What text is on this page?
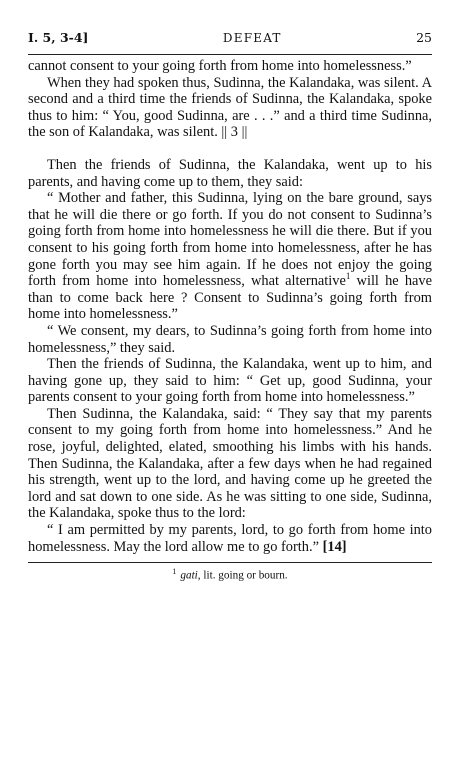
I. 5, 3-4]	DEFEAT	25

cannot consent to your going forth from home into homelessness.”

When they had spoken thus, Sudinna, the Kalandaka, was silent. A second and a third time the friends of Sudinna, the Kalandaka, spoke thus to him: “ You, good Sudinna, are . . .” and a third time Sudinna, the son of Kalandaka, was silent. || 3 ||

Then the friends of Sudinna, the Kalandaka, went up to his parents, and having come up to them, they said:

“ Mother and father, this Sudinna, lying on the bare ground, says that he will die there or go forth. If you do not consent to Sudinna’s going forth from home into homelessness he will die there. But if you consent to his going forth from home into homelessness, after he has gone forth you may see him again. If he does not enjoy the going forth from home into homelessness, what alternative$^1$ will he have than to come back here ? Consent to Sudinna’s going forth from home into homelessness.”

“ We consent, my dears, to Sudinna’s going forth from home into homelessness,” they said.

Then the friends of Sudinna, the Kalandaka, went up to him, and having gone up, they said to him: “ Get up, good Sudinna, your parents consent to your going forth from home into homelessness.”

Then Sudinna, the Kalandaka, said: “ They say that my parents consent to my going forth from home into homelessness.” And he rose, joyful, delighted, elated, smoothing his limbs with his hands. Then Sudinna, the Kalandaka, after a few days when he had regained his strength, went up to the lord, and having come up he greeted the lord and sat down to one side. As he was sitting to one side, Sudinna, the Kalandaka, spoke thus to the lord:

“ I am permitted by my parents, lord, to go forth from home into homelessness. May the lord allow me to go forth.” [14]

$^1$ gati, lit. going or bourn.
